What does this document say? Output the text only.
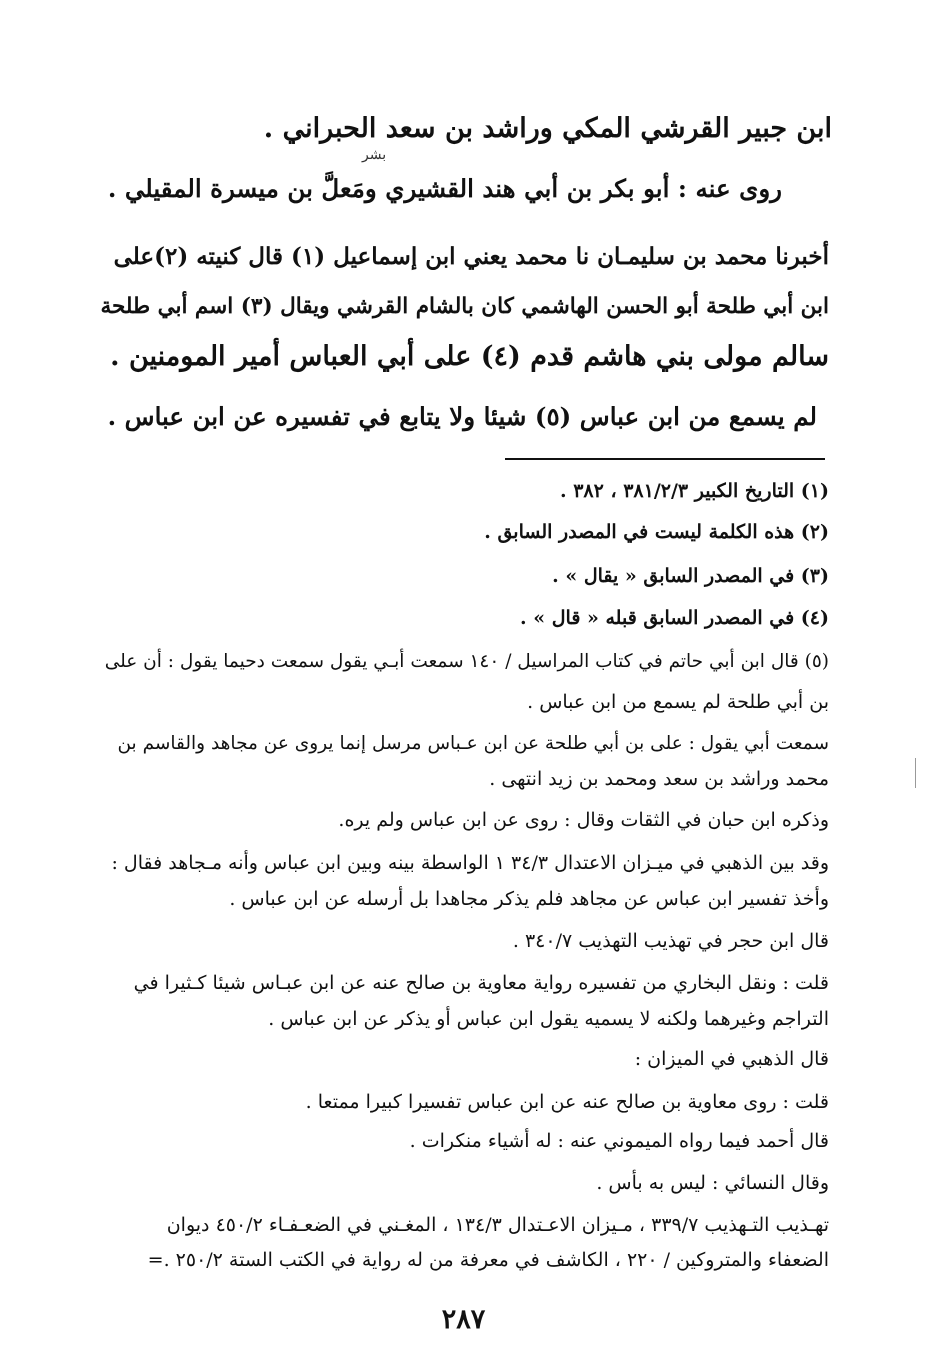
ابن جبير القرشي المكي وراشد بن سعد الحبراني .

روى عنه : أبو بكر بن أبي هند القشيري ومَعلَّ بن ميسرة المقيلي .

بشر

أخبرنا محمد بن سليمـان نا محمد يعني ابن إسماعيل (١) قال كنيته (٢)على

ابن أبي طلحة أبو الحسن الهاشمي كان بالشام القرشي ويقال (٣) اسم أبي طلحة

سالم مولى بني هاشم قدم (٤) على أبي العباس أمير المومنين .

لم يسمع من ابن عباس (٥) شيئا ولا يتابع في تفسيره عن ابن عباس .

(١) التاريخ الكبير ٣٨١/٢/٣ ، ٣٨٢ .

(٢) هذه الكلمة ليست في المصدر السابق .

(٣) في المصدر السابق « يقال » .

(٤) في المصدر السابق قبله « قال » .

(٥) قال ابن أبي حاتم في كتاب المراسيل / ١٤٠ سمعت أبـي يقول سمعت دحيما يقول : أن على

بن أبي طلحة لم يسمع من ابن عباس .

سمعت أبي يقول : على بن أبي طلحة عن ابن عـباس مرسل إنما يروى عن مجاهد والقاسم بن

محمد وراشد بن سعد ومحمد بن زيد انتهى .

وذكره ابن حبان في الثقات وقال : روى عن ابن عباس ولم يره.

وقد بين الذهبي في ميـزان الاعتدال ٣٤/٣ ١ الواسطة بينه وبين ابن عباس وأنه مـجاهد فقال :

وأخذ تفسير ابن عباس عن مجاهد فلم يذكر مجاهدا بل أرسله عن ابن عباس .

قال ابن حجر في تهذيب التهذيب ٣٤٠/٧ .

قلت : ونقل البخاري من تفسيره رواية معاوية بن صالح عنه عن ابن عبـاس شيئا كـثيرا في

التراجم وغيرهما ولكنه لا يسميه يقول ابن عباس أو يذكر عن ابن عباس .

قال الذهبي في الميزان :

قلت : روى معاوية بن صالح عنه عن ابن عباس تفسيرا كبيرا ممتعا .

قال أحمد فيما رواه الميموني عنه : له أشياء منكرات .

وقال النسائي : ليس به بأس .

تهـذيب التـهذيب ٣٣٩/٧ ، مـيزان الاعـتدال ١٣٤/٣ ، المغـني في الضعـفـاء ٤٥٠/٢ ديوان

الضعفاء والمتروكين / ٢٢٠ ، الكاشف في معرفة من له رواية في الكتب الستة ٢٥٠/٢ .=

٢٨٧
